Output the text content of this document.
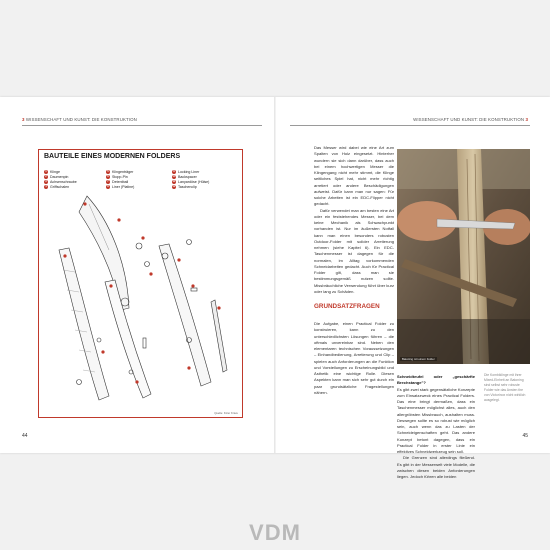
3 WISSENSCHAFT UND KUNST: DIE KONSTRUKTION
BAUTEILE EINES MODERNEN FOLDERS
1 Klinge
2 Daumenpin
3 Achsenschraube
4 Griffschalen
5 Klingenträger
6 Stopp-Pin
7 Detentball
8 Liner (Platine)
9 Locking Liner
10 Backspacer
11 Lanyardöse (Hülse)
12 Taschenclip
Quelle: Kizer Knive
44
WISSENSCHAFT UND KUNST: DIE KONSTRUKTION 3

Das Messer wird dabei wie eine Art zum Spalten von Holz eingesetzt. Hinterher wundern sie sich dann darüber, dass auch bei einem hochwertigen Messer die Klingengang nicht mehr stimmt, die Klinge seitliches Spiel hat, nicht mehr richtig arretiert oder andere Beschädigungen aufweist. Dafür kann man nur sagen: Für solche Arbeiten ist ein EDC-Flipper nicht gedacht.

Dafür verwendet man am besten eine Art oder ein feststehendes Messer, bei dem keine Mechanik als Schwachpunkt vorhanden ist. Nur im äußersten Notfall kann man einen besonders robusten Outdoor-Folder mit solider Arretierung nehmen (siehe Kapitel 6). Ein EDC-Taschenmesser ist dagegen für die normalen, im Alltag vorkommenden Schneidarbeiten gedacht. Auch für Practical Folder gilt, dass man sie bestimmungsgemäß nutzen sollte. Missbräuchliche Verwendung führt über kurz oder lang zu Schäden.

GRUNDSATZFRAGEN

Die Aufgabe, einen Practical Folder zu konstruieren, kann zu den unterschiedlichsten Lösungen führen – die oftmals unvereinbar sind. Neben den elementaren technischen Voraussetzungen – Einhandbedienung, Arretierung und Clip – spielen auch Anforderungen an die Funktion und Vorstellungen zu Erscheinungsbild und Ästhetik eine wichtige Rolle. Diesen Aspekten kann man sich sehr gut durch ein paar grundsätzliche Fragestellungen nähern.

Batoning mit einem Folder

Schneidteufel oder „geschärfte Brechstange"?

Es gibt zwei stark gegensätzliche Konzepte zum Einsatzzweck eines Practical Folders. Das eine bringt dermaßen, dass ein Taschenmesser möglichst alles, auch den allergröbsten Missbrauch, aushalten muss. Deswegen sollte es so robust wie möglich sein, auch wenn das zu Lasten der Schneideigenschaften geht. Das andere Konzept betont dagegen, dass ein Practical Folder in erster Linie ein effektives Schneidwerkzeug sein soll.

Die Grenzen sind allerdings fließend. Es gibt in der Messerwelt viele Modelle, die zwischen diesen beiden Anforderungen liegen. Jedoch führen alle beiden

Die Kombiklinge mit ihrer Mixed-Einheit an Batoning sind selbst sehr robuste Folder wie das Ansten the von Victorinox nicht wirklich ausgelegt.
45
VDM
